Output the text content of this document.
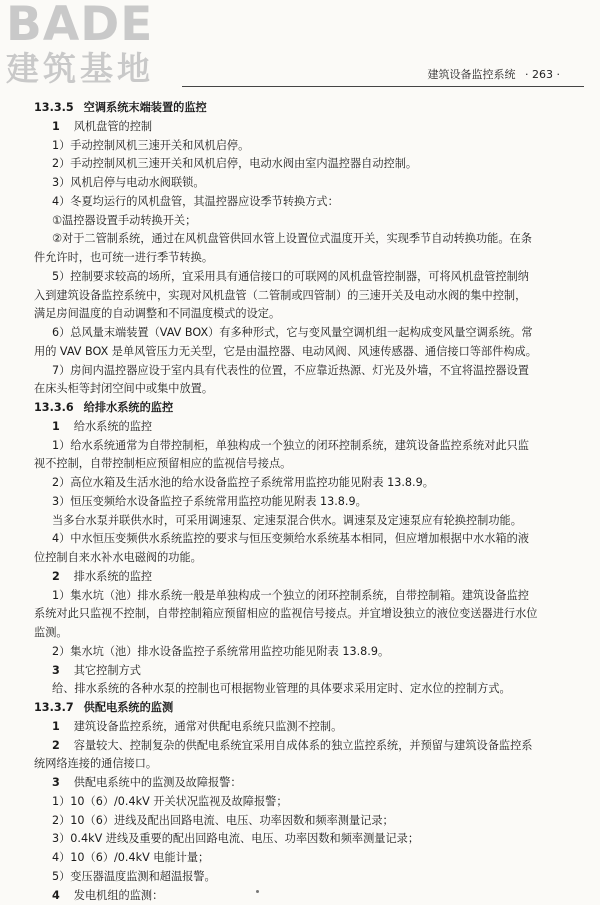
BADE
建筑基地	建筑设备监控系统 · 263 ·
13.3.5 空调系统末端装置的监控
1 风机盘管的控制
1）手动控制风机三速开关和风机启停。
2）手动控制风机三速开关和风机启停，电动水阀由室内温控器自动控制。
3）风机启停与电动水阀联锁。
4）冬夏均运行的风机盘管，其温控器应设季节转换方式：
①温控器设置手动转换开关；
②对于二管制系统，通过在风机盘管供回水管上设置位式温度开关，实现季节自动转换功能。在条
件允许时，也可统一进行季节转换。
5）控制要求较高的场所，宜采用具有通信接口的可联网的风机盘管控制器，可将风机盘管控制纳
入到建筑设备监控系统中，实现对风机盘管（二管制或四管制）的三速开关及电动水阀的集中控制，
满足房间温度的自动调整和不同温度模式的设定。
6）总风量末端装置（VAV BOX）有多种形式，它与变风量空调机组一起构成变风量空调系统。常
用的 VAV BOX 是单风管压力无关型，它是由温控器、电动风阀、风速传感器、通信接口等部件构成。
7）房间内温控器应设于室内具有代表性的位置，不应靠近热源、灯光及外墙，不宜将温控器设置
在床头柜等封闭空间中或集中放置。
13.3.6 给排水系统的监控
1 给水系统的监控
1）给水系统通常为自带控制柜，单独构成一个独立的闭环控制系统，建筑设备监控系统对此只监
视不控制，自带控制柜应预留相应的监视信号接点。
2）高位水箱及生活水池的给水设备监控子系统常用监控功能见附表 13.8.9。
3）恒压变频给水设备监控子系统常用监控功能见附表 13.8.9。
当多台水泵并联供水时，可采用调速泵、定速泵混合供水。调速泵及定速泵应有轮换控制功能。
4）中水恒压变频供水系统监控的要求与恒压变频给水系统基本相同，但应增加根据中水水箱的液
位控制自来水补水电磁阀的功能。
2 排水系统的监控
1）集水坑（池）排水系统一般是单独构成一个独立的闭环控制系统，自带控制箱。建筑设备监控
系统对此只监视不控制，自带控制箱应预留相应的监视信号接点。并宜增设独立的液位变送器进行水位
监测。
2）集水坑（池）排水设备监控子系统常用监控功能见附表 13.8.9。
3 其它控制方式
给、排水系统的各种水泵的控制也可根据物业管理的具体要求采用定时、定水位的控制方式。
13.3.7 供配电系统的监测
1 建筑设备监控系统，通常对供配电系统只监测不控制。
2 容量较大、控制复杂的供配电系统宜采用自成体系的独立监控系统，并预留与建筑设备监控系
统网络连接的通信接口。
3 供配电系统中的监测及故障报警：
1）10（6）/0.4kV 开关状况监视及故障报警；
2）10（6）进线及配出回路电流、电压、功率因数和频率测量记录；
3）0.4kV 进线及重要的配出回路电流、电压、功率因数和频率测量记录；
4）10（6）/0.4kV 电能计量；
5）变压器温度监测和超温报警。
4 发电机组的监测：
